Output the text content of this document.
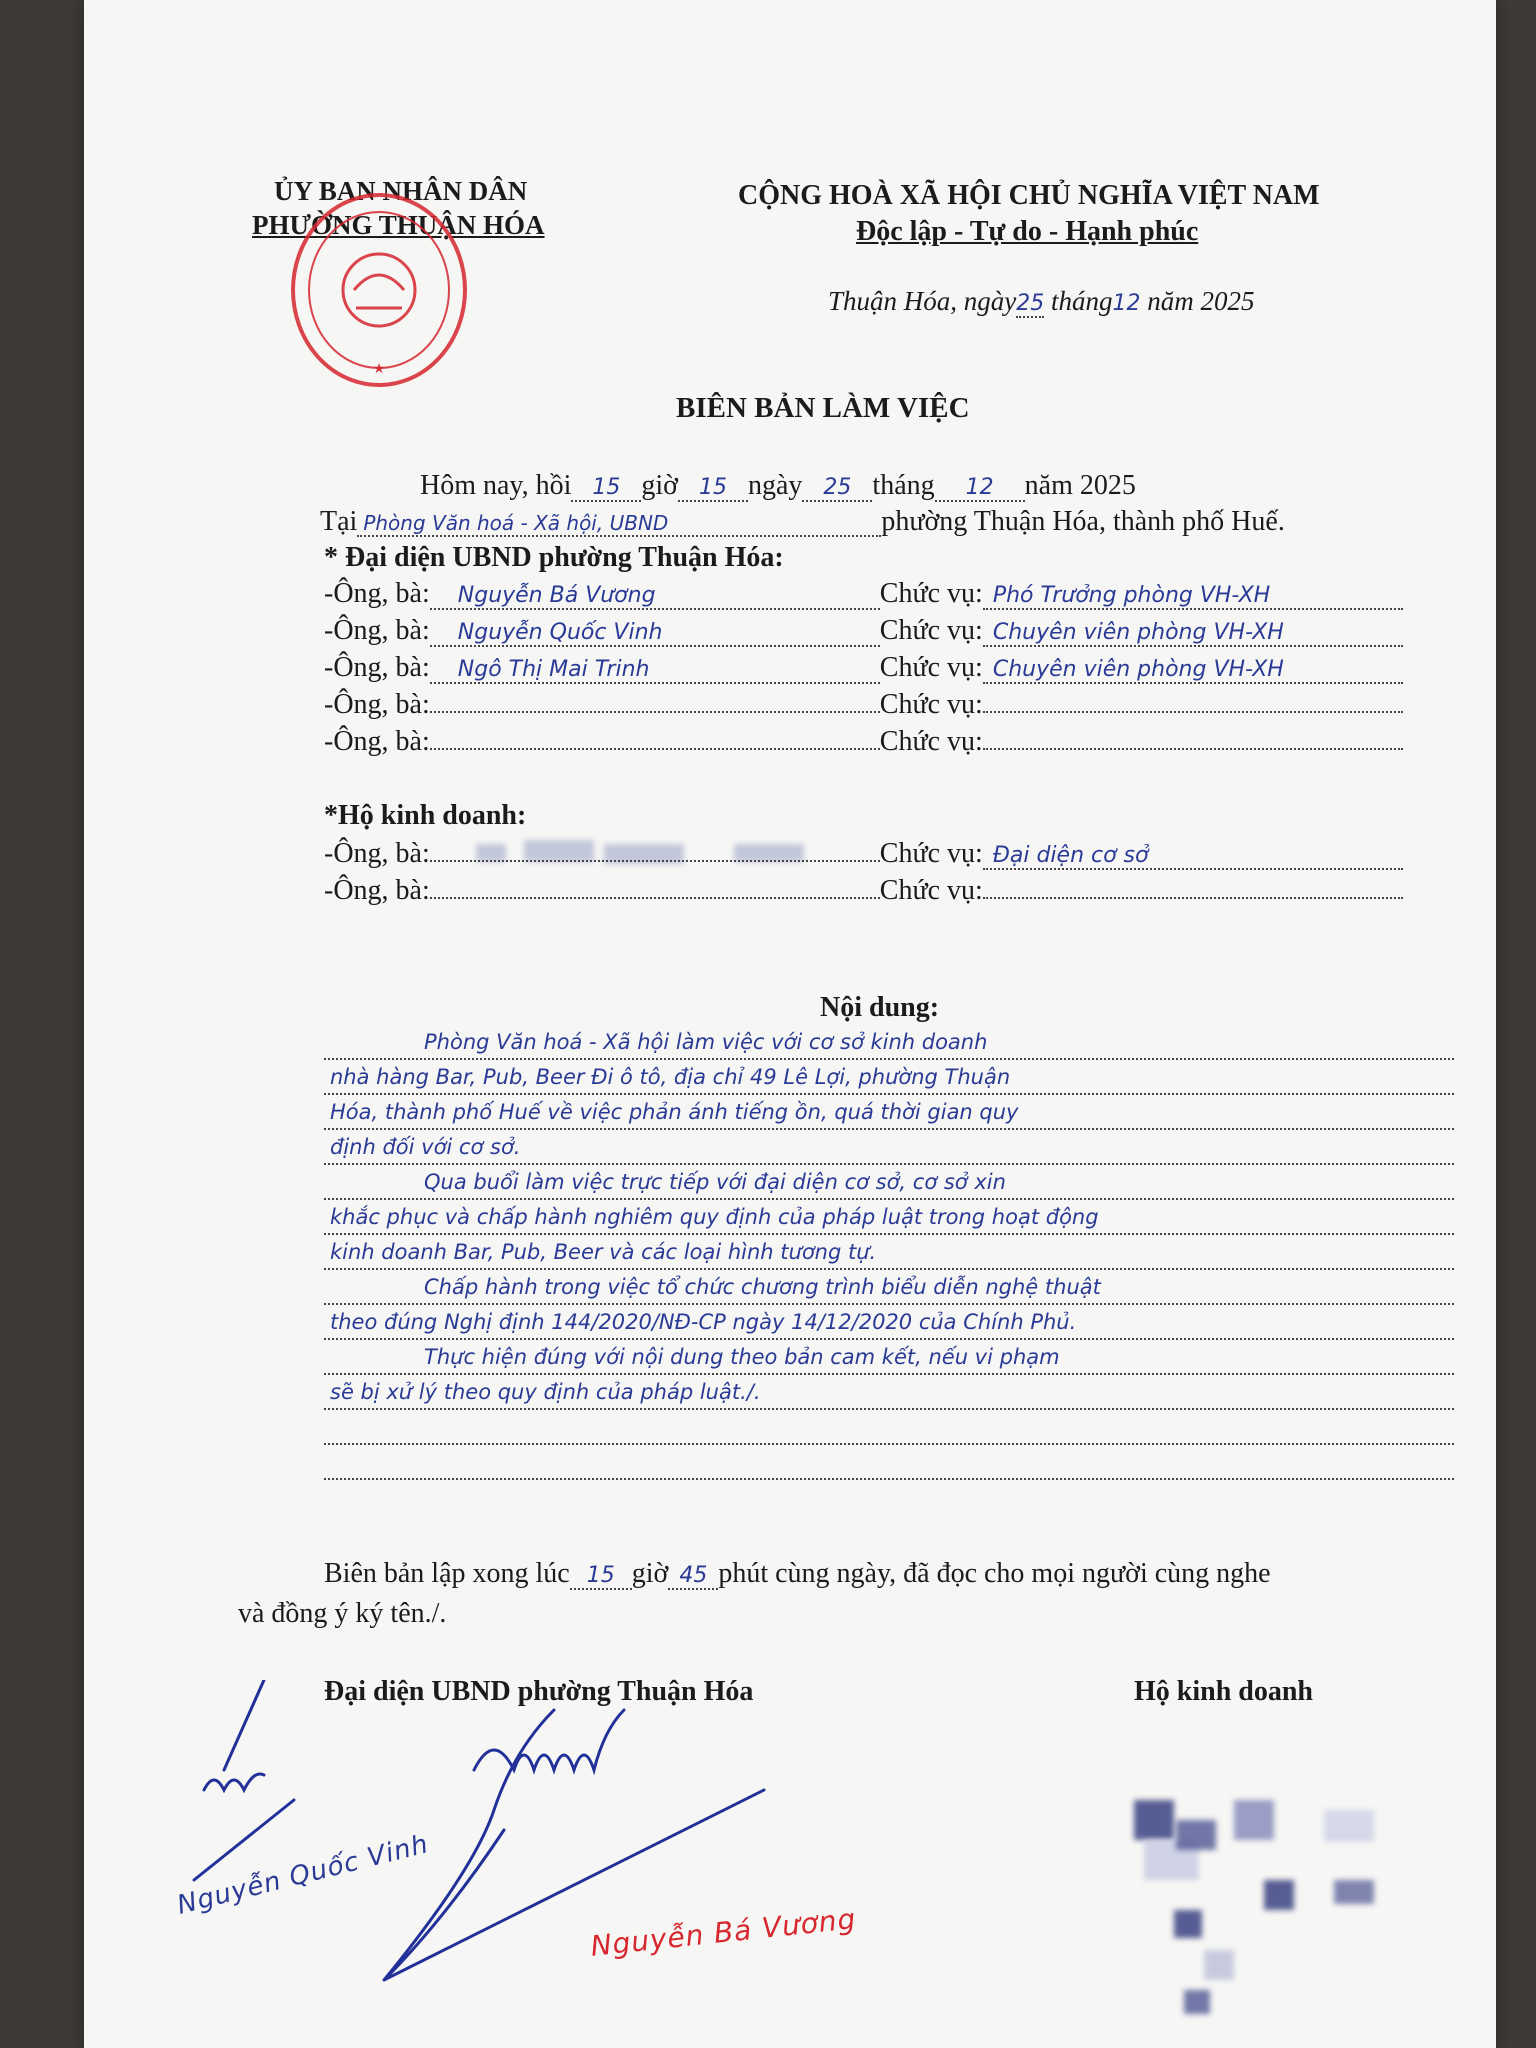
ỦY BAN NHÂN DÂN
PHƯỜNG THUẬN HÓA
★
CỘNG HOÀ XÃ HỘI CHỦ NGHĨA VIỆT NAM
Độc lập - Tự do - Hạnh phúc
Thuận Hóa, ngày25 tháng12 năm 2025
BIÊN BẢN LÀM VIỆC
Hôm nay, hồi 15 giờ 15 ngày 25 tháng 12 năm 2025
Tại Phòng Văn hoá - Xã hội, UBND	phường Thuận Hóa, thành phố Huế.
* Đại diện UBND phường Thuận Hóa:
*Hộ kinh doanh:
Nội dung:
Biên bản lập xong lúc 15 giờ 45 phút cùng ngày, đã đọc cho mọi người cùng nghe
và đồng ý ký tên./.
Đại diện UBND phường Thuận Hóa	Hộ kinh doanh
Nguyễn Quốc Vinh
Nguyễn Bá Vương
-Ông, bà: Nguyễn Bá Vương	Chức vụ: Phó Trưởng phòng VH-XH
-Ông, bà: Nguyễn Quốc Vinh	Chức vụ: Chuyên viên phòng VH-XH
-Ông, bà: Ngô Thị Mai Trinh	Chức vụ: Chuyên viên phòng VH-XH
-Ông, bà:	Chức vụ:
-Ông, bà:	Chức vụ:
-Ông, bà:	Chức vụ: Đại diện cơ sở
-Ông, bà:	Chức vụ:
Phòng Văn hoá - Xã hội làm việc với cơ sở kinh doanh
nhà hàng Bar, Pub, Beer Đi ô tô, địa chỉ 49 Lê Lợi, phường Thuận
Hóa, thành phố Huế về việc phản ánh tiếng ồn, quá thời gian quy
định đối với cơ sở.
Qua buổi làm việc trực tiếp với đại diện cơ sở, cơ sở xin
khắc phục và chấp hành nghiêm quy định của pháp luật trong hoạt động
kinh doanh Bar, Pub, Beer và các loại hình tương tự.
Chấp hành trong việc tổ chức chương trình biểu diễn nghệ thuật
theo đúng Nghị định 144/2020/NĐ-CP ngày 14/12/2020 của Chính Phủ.
Thực hiện đúng với nội dung theo bản cam kết, nếu vi phạm
sẽ bị xử lý theo quy định của pháp luật./.
